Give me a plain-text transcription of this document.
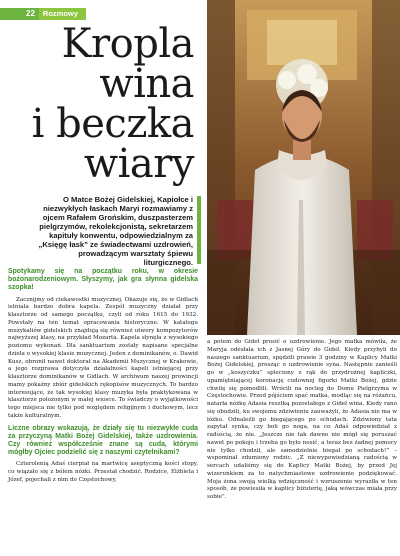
22	Rozmowy
Kropla
wina
i beczka
wiary
O Matce Bożej Gidelskiej, Kapiołce i niezwykłych łaskach Maryi rozmawiamy z ojcem Rafałem Grońskim, duszpasterzem pielgrzymów, rekolekcjonistą, sekretarzem kapituły konwentu, odpowiedzialnym za „Księgę łask” ze świadectwami uzdrowień, prowadzącym warsztaty śpiewu liturgicznego.

Spotykamy się na początku roku, w okresie bożonarodzeniowym. Słyszymy, jak gra słynna gidelska szopka!

Zacznijmy od ciekawostki muzycznej. Okazuje się, że w Gidlach istniała bardzo dobra kapela. Zespół muzyczny działał przy klasztorze od samego początku, czyli od roku 1615 do 1932. Powstały na ten temat opracowania historyczne. W katalogu muzykaliów gidelskich znajdują się również utwory kompozytorów najwyższej klasy, na przykład Mozarta. Kapela słynęła z wysokiego poziomu wykonań. Dla sanktuarium zostały napisane specjalne dzieła o wysokiej klasie muzycznej. Jeden z dominikanów, o. Dawid Kusz, obronił nawet doktorat na Akademii Muzycznej w Krakowie, a jego rozprawa dotyczyła działalności kapeli istniejącej przy klasztorze dominikanów w Gidlach. W archiwum naszej prowincji mamy pokaźny zbiór gidelskich rękopisów muzycznych. To bardzo interesujące, że tak wysokiej klasy muzyka była praktykowana w klasztorze położonym w małej wiosce. To świadczy o wyjątkowości tego miejsca nie tylko pod względem religijnym i duchowym, lecz także kulturalnym.

Liczne obrazy wskazują, że działy się tu niezwykłe cuda za przyczyną Matki Bożej Gidelskiej, także uzdrowienia. Czy również współcześnie znane są cuda, którymi mógłby Ojciec podzielić się z naszymi czytelnikami?

Czterolenią Adaś cierpiał na martwicę aseptyczną kości stopy, co wiązało się z bólem nóżki. Przestał chodzić. Rodzice, Elżbieta i Józef, pojechali z nim do Częstochowy,

a potem do Gideł prosić o uzdrowienie. Jego matka mówiła, że Maryja odesłała ich z Jasnej Góry do Gideł. Kiedy przybyli do naszego sanktuarium, spędzili prawie 3 godziny w Kaplicy Matki Bożej Gidelskiej, prosząc o uzdrowienie syna. Następnie zanieśli go w „koszyczku” spleciony z rąk do przydrożnej kapliczki, upamiętniającej koronację cudownej figurki Matki Bożej, gdzie chwilę się pomodlili. Wrócili na nocleg do Domu Pielgrzyma w Częstochowie. Przed pójściem spać matka, modląc się na różańcu, natarła nóżkę Adasia resztką pozostałego z Gideł wina. Kiedy rano się obudzili, ku swojemu zdziwieniu zauważyli, że Adasia nie ma w łóżku. Odnaleźli go biegającego po schodach. Zdziwiony tata zapytał synka, czy boli go noga, na co Adaś odpowiedział z radością, że nie. „Jeszcze nie tak dawno nie mógł się poruszać nawet po pokoju i trzeba go było nosić, a teraz bez żadnej pomocy nie tylko chodził, ale samodzielnie biegał po schodach!” – wspominał zdumiony rodzic. „Z niewypowiedzianą radością w sercach udaliśmy się do Kaplicy Matki Bożej, by przed Jej wizerunkiem za to natychmiastowe uzdrowienie podziękować. Moja żona swoją wielką wdzięczność i wzruszenie wyraziła w ten sposób, że powiesiła w kaplicy biżuterię, jaką wówczas miała przy sobie”.
